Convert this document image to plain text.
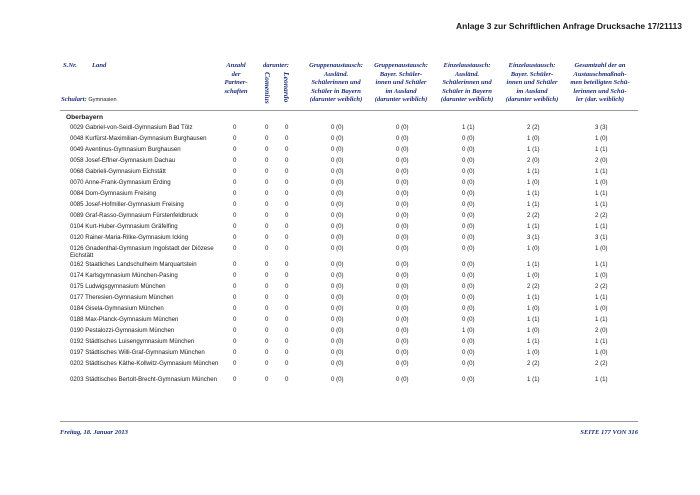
Anlage 3 zur Schriftlichen Anfrage Drucksache 17/21113
S.Nr. Land
Schulart: Gymnasien
Anzahl
der
Partner-
schaften
darunter:
Comenius Leonardo
Gruppenaustausch:
Ausländ.
Schülerinnen und
Schüler in Bayern
(darunter weiblich)
Gruppenaustausch:
Bayer. Schüler-
innen und Schüler
im Ausland
(darunter weiblich)
Einzelaustausch:
Ausländ.
Schülerinnen und
Schüler in Bayern
(darunter weiblich)
Einzelaustausch:
Bayer. Schüler-
innen und Schüler
im Ausland
(darunter weiblich)
Gesamtzahl der an
Austauschmaßnah-
men beteiligten Schü-
lerinnen und Schü-
ler (dar. weiblich)
Oberbayern
0029 Gabriel-von-Seidl-Gymnasium Bad Tölz	0	0	0	0 (0)	0 (0)	1 (1)	2 (2)	3 (3)
0048 Kurfürst-Maximilian-Gymnasium Burghausen	0	0	0	0 (0)	0 (0)	0 (0)	1 (0)	1 (0)
0049 Aventinus-Gymnasium Burghausen	0	0	0	0 (0)	0 (0)	0 (0)	1 (1)	1 (1)
0058 Josef-Effner-Gymnasium Dachau	0	0	0	0 (0)	0 (0)	0 (0)	2 (0)	2 (0)
0068 Gabrieli-Gymnasium Eichstätt	0	0	0	0 (0)	0 (0)	0 (0)	1 (1)	1 (1)
0070 Anne-Frank-Gymnasium Erding	0	0	0	0 (0)	0 (0)	0 (0)	1 (0)	1 (0)
0084 Dom-Gymnasium Freising	0	0	0	0 (0)	0 (0)	0 (0)	1 (1)	1 (1)
0085 Josef-Hofmiller-Gymnasium Freising	0	0	0	0 (0)	0 (0)	0 (0)	1 (1)	1 (1)
0089 Graf-Rasso-Gymnasium Fürstenfeldbruck	0	0	0	0 (0)	0 (0)	0 (0)	2 (2)	2 (2)
0104 Kurt-Huber-Gymnasium Gräfelfing	0	0	0	0 (0)	0 (0)	0 (0)	1 (1)	1 (1)
0120 Rainer-Maria-Rilke-Gymnasium Icking	0	0	0	0 (0)	0 (0)	0 (0)	3 (1)	3 (1)
0126 Gnadenthal-Gymnasium Ingolstadt der Diözese Eichstätt
0	0	0	0 (0)	0 (0)	0 (0)	1 (0)	1 (0)
0162 Staatliches Landschulheim Marquartstein	0	0	0	0 (0)	0 (0)	0 (0)	1 (1)	1 (1)
0174 Karlsgymnasium München-Pasing	0	0	0	0 (0)	0 (0)	0 (0)	1 (0)	1 (0)
0175 Ludwigsgymnasium München	0	0	0	0 (0)	0 (0)	0 (0)	2 (2)	2 (2)
0177 Theresien-Gymnasium München	0	0	0	0 (0)	0 (0)	0 (0)	1 (1)	1 (1)
0184 Gisela-Gymnasium München	0	0	0	0 (0)	0 (0)	0 (0)	1 (0)	1 (0)
0188 Max-Planck-Gymnasium München	0	0	0	0 (0)	0 (0)	0 (0)	1 (1)	1 (1)
0190 Pestalozzi-Gymnasium München	0	0	0	0 (0)	0 (0)	1 (0)	1 (0)	2 (0)
0192 Städtisches Luisengymnasium München	0	0	0	0 (0)	0 (0)	0 (0)	1 (1)	1 (1)
0197 Städtisches Willi-Graf-Gymnasium München	0	0	0	0 (0)	0 (0)	0 (0)	1 (0)	1 (0)
0202 Städtisches Käthe-Kollwitz-Gymnasium München	0	0	0	0 (0)	0 (0)	0 (0)	2 (2)	2 (2)
0203 Städtisches Bertolt-Brecht-Gymnasium München	0	0	0	0 (0)	0 (0)	0 (0)	1 (1)	1 (1)
Freitag, 18. Januar 2013	SEITE 177 VON 316
